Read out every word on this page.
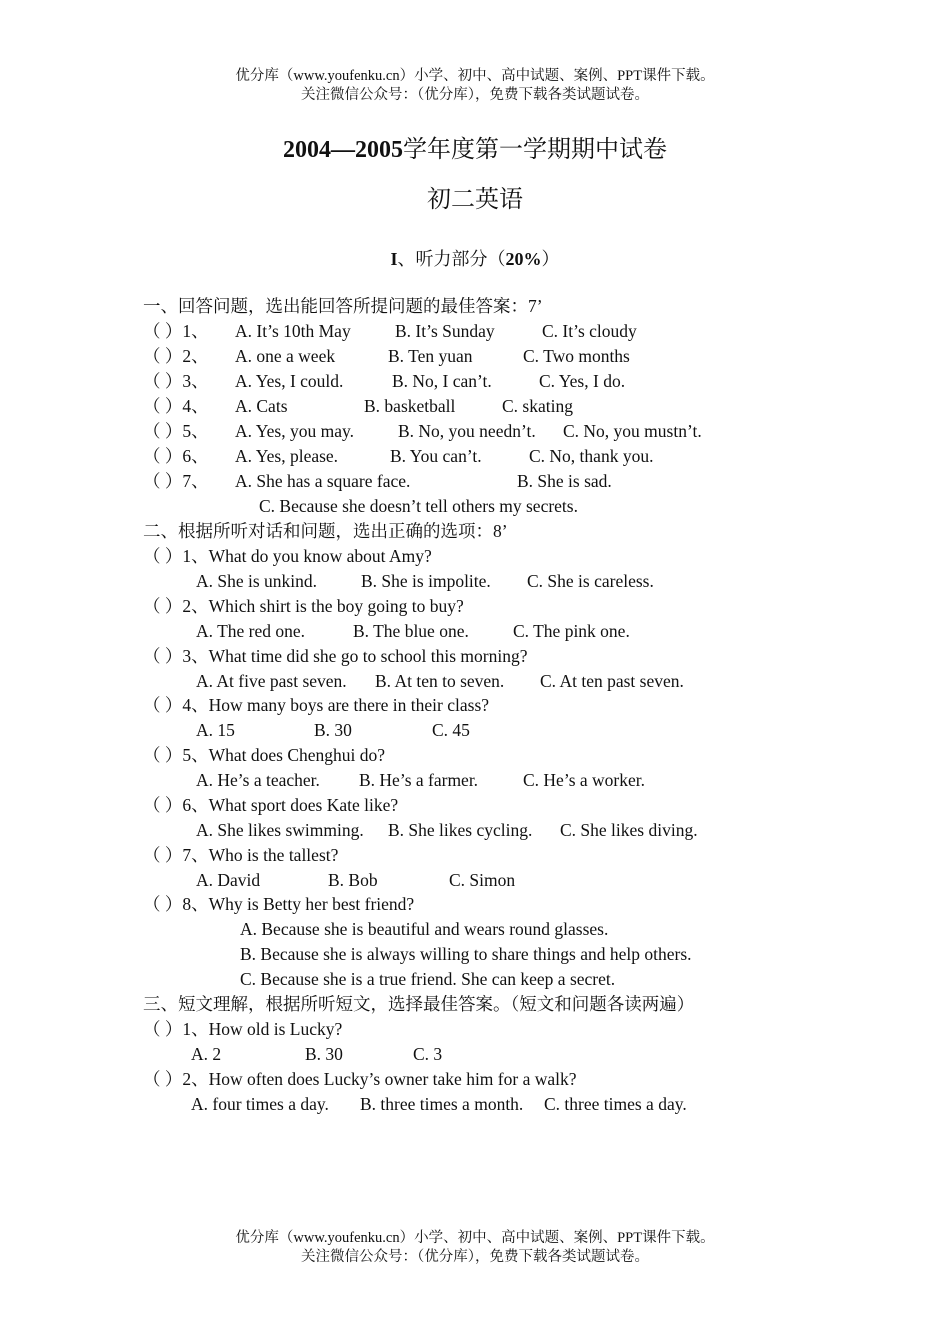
优分库（www.youfenku.cn）小学、初中、高中试题、案例、PPT课件下载。
关注微信公众号：（优分库），免费下载各类试题试卷。
2004—2005学年度第一学期期中试卷
初二英语
I、听力部分（20%）
一、回答问题，选出能回答所提问题的最佳答案：7’
（ ）1、 A. It’s 10th May	B. It’s Sunday	C. It’s cloudy
（ ）2、 A. one a week	B. Ten yuan	C. Two months
（ ）3、 A. Yes, I could.	B. No, I can’t.	C. Yes, I do.
（ ）4、 A. Cats	B. basketball	C. skating
（ ）5、 A. Yes, you may.	B. No, you needn’t. C. No, you mustn’t.
（ ）6、 A. Yes, please.	B. You can’t.	C. No, thank you.
（ ）7、 A. She has a square face.	B. She is sad.
C. Because she doesn’t tell others my secrets.
二、根据所听对话和问题，选出正确的选项：8’
（ ）1、What do you know about Amy?
A. She is unkind.	B. She is impolite. C. She is careless.
（ ）2、Which shirt is the boy going to buy?
A. The red one.	B. The blue one.	C. The pink one.
（ ）3、What time did she go to school this morning?
A. At five past seven. B. At ten to seven. C. At ten past seven.
（ ）4、How many boys are there in their class?
A. 15	B. 30	C. 45
（ ）5、What does Chenghui do?
A. He’s a teacher. B. He’s a farmer.	C. He’s a worker.
（ ）6、What sport does Kate like?
A. She likes swimming. B. She likes cycling. C. She likes diving.
（ ）7、Who is the tallest?
A. David	B. Bob	C. Simon
（ ）8、Why is Betty her best friend?
A. Because she is beautiful and wears round glasses.
B. Because she is always willing to share things and help others.
C. Because she is a true friend. She can keep a secret.
三、短文理解，根据所听短文，选择最佳答案。（短文和问题各读两遍）
（ ）1、How old is Lucky?
A. 2	B. 30	C. 3
（ ）2、How often does Lucky’s owner take him for a walk?
A. four times a day. B. three times a month. C. three times a day.
优分库（www.youfenku.cn）小学、初中、高中试题、案例、PPT课件下载。
关注微信公众号：（优分库），免费下载各类试题试卷。
